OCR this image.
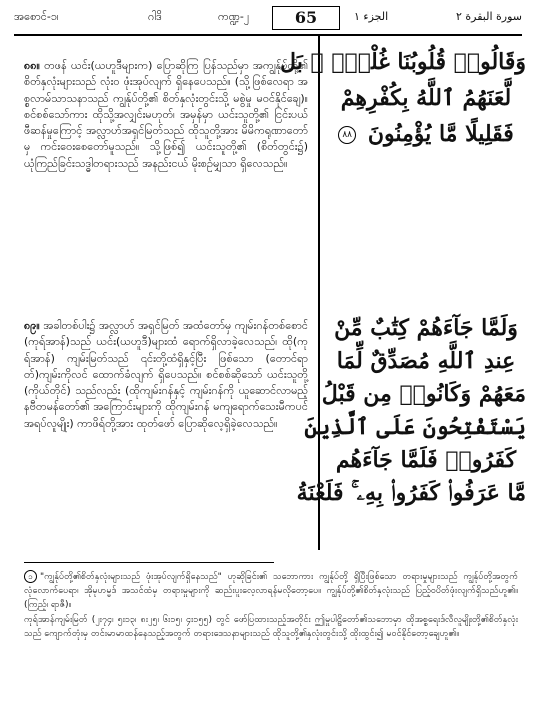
အစောင်-၁၊	ဂါဒိ	ကဏ္ဍ-၂	65	الجزء ۱	سورة البقرة ۲
၈၈။ တဖန် ယင်း(ယဟူဒီများက) ပြောဆိုကြ ပြန်သည်မှာ အကျွန်ုပ်တို့၏ စိတ်နှလုံးများသည် လုံးဝ ဖုံးအုပ်လျက် ရှိနေပေသည်။ (သို့ဖြစ်လေရာ အစ္စလာမ်သာသနာသည် ကျွန်ုပ်တို့၏ စိတ်နှလုံးတွင်းသို့ မစွဲမှု မဝင်နိုင်ချေ)။ စင်စစ်သော်ကား ထိုသို့အလျှင်းမဟုတ်၊ အမှန်မှာ ယင်းသူတို့၏ ငြင်းပယ်ဖီဆန်မှုကြောင့် အလ္လာဟ်အရှင်မြတ်သည် ထိုသူတို့အား မိမိကရုဏာတော်မှ ကင်းဝေးစေတော်မူသည်။ သို့ဖြစ်၍ ယင်းသူတို့၏ (စိတ်တွင်း၌) ယုံကြည်ခြင်းသဒ္ဓါတရားသည် အနည်းငယ် မိုးစဉ်မျှသာ ရှိလေသည်။
၈၉။ အခါတစ်ပါး၌ အလ္လာဟ် အရှင်မြတ် အထံတော်မှ ကျမ်းဂန်တစ်စောင် (ကုရ်အာန်)သည် ယင်း(ယဟူဒီ)များထံ ရောက်ရှိလာခဲ့လေသည်၊ ထို(ကုရ်အာန်) ကျမ်းမြတ်သည် ၎င်းတို့ထံရှိနှင့်ပြီး ဖြစ်သော (တောင်ရာတ်)ကျမ်းကိုလင် ထောက်ခံလျက် ရှိပေသည်။ စင်စစ်ဆိုသော် ယင်းသူတို့ (ကိုယ်တိုင်) သည်လည်း (ထိုကျမ်းဂန်နှင့် ကျမ်းဂန်ကို ယူဆောင်လာမည့် နဗီတမန်တော်၏ အကြောင်းများကို ထိုကျမ်းဂန် မကျရောက်သေးမီကပင် အရပ်လူမျိုး) ကာဖိရ်တို့အား ထုတ်ဖော် ပြောဆိုလေ့ရှိခဲ့လေသည်။
وَقَالُوا۟ قُلُوبُنَا غُلْفٌۢ ۚ بَل
لَّعَنَهُمُ ٱللَّهُ بِكُفْرِهِمْ
فَقَلِيلًا مَّا يُؤْمِنُونَ ٨٨
وَلَمَّا جَآءَهُمْ كِتَٰبٌ مِّنْ
عِندِ ٱللَّهِ مُصَدِّقٌ لِّمَا
مَعَهُمْ وَكَانُوا۟ مِن قَبْلُ
يَسْتَفْتِحُونَ عَلَى ٱلَّذِينَ
كَفَرُوا۟ فَلَمَّا جَآءَهُم
مَّا عَرَفُوا۟ كَفَرُوا۟ بِهِۦ ۚ فَلَعْنَةُ

၁ "ကျွန်ုပ်တို့၏စိတ်နှလုံးများသည် ဖုံးအုပ်လျက်ရှိနေသည်" ဟုဆိုခြင်း၏ သဘောကား ကျွန်ုပ်တို့ ရှိပြီးဖြစ်သော တရားမှုများသည် ကျွန်ုပ်တို့အတွက် လုံလောက်ပေရာ၊ အိုမုဟမ္မဒ် အသင်ထံမှ တရားမှုများကို ဆည်းပူးလေ့လာရန်မလိုတော့ပေ။ ကျွန်ုပ်တို့၏စိတ်နှလုံးသည် ပြည့်ဝပိတ်ဖုံးလျက်ရှိသည်ဟူ၏။ (ကြည့်၊ ရာဇီ)။

ကုရ်အာန်ကျမ်းမြတ် (၂း၇၄၊ ၅း၁၃၊ ၈း၂၅၊ ၆း၁၅၊ ၄း၁၅၅) တွင် ဖော်ပြထားသည့်အတိုင်း ဤမှုပါဠိတော်၏သဘောမှာ ထိုအစ္စရေးဒ်လီလူမျိုးတို့၏စိတ်နှလုံးသည် ကျောက်တုံးမှ တင်းမာမာထန်နေသည့်အတွက် တရားဒေသနာများသည် ထိုသူတို့၏နှလုံးတွင်းသို့ ထိုးထွင်း၍ မဝင်နိုင်တော့ချေဟူ၏။
